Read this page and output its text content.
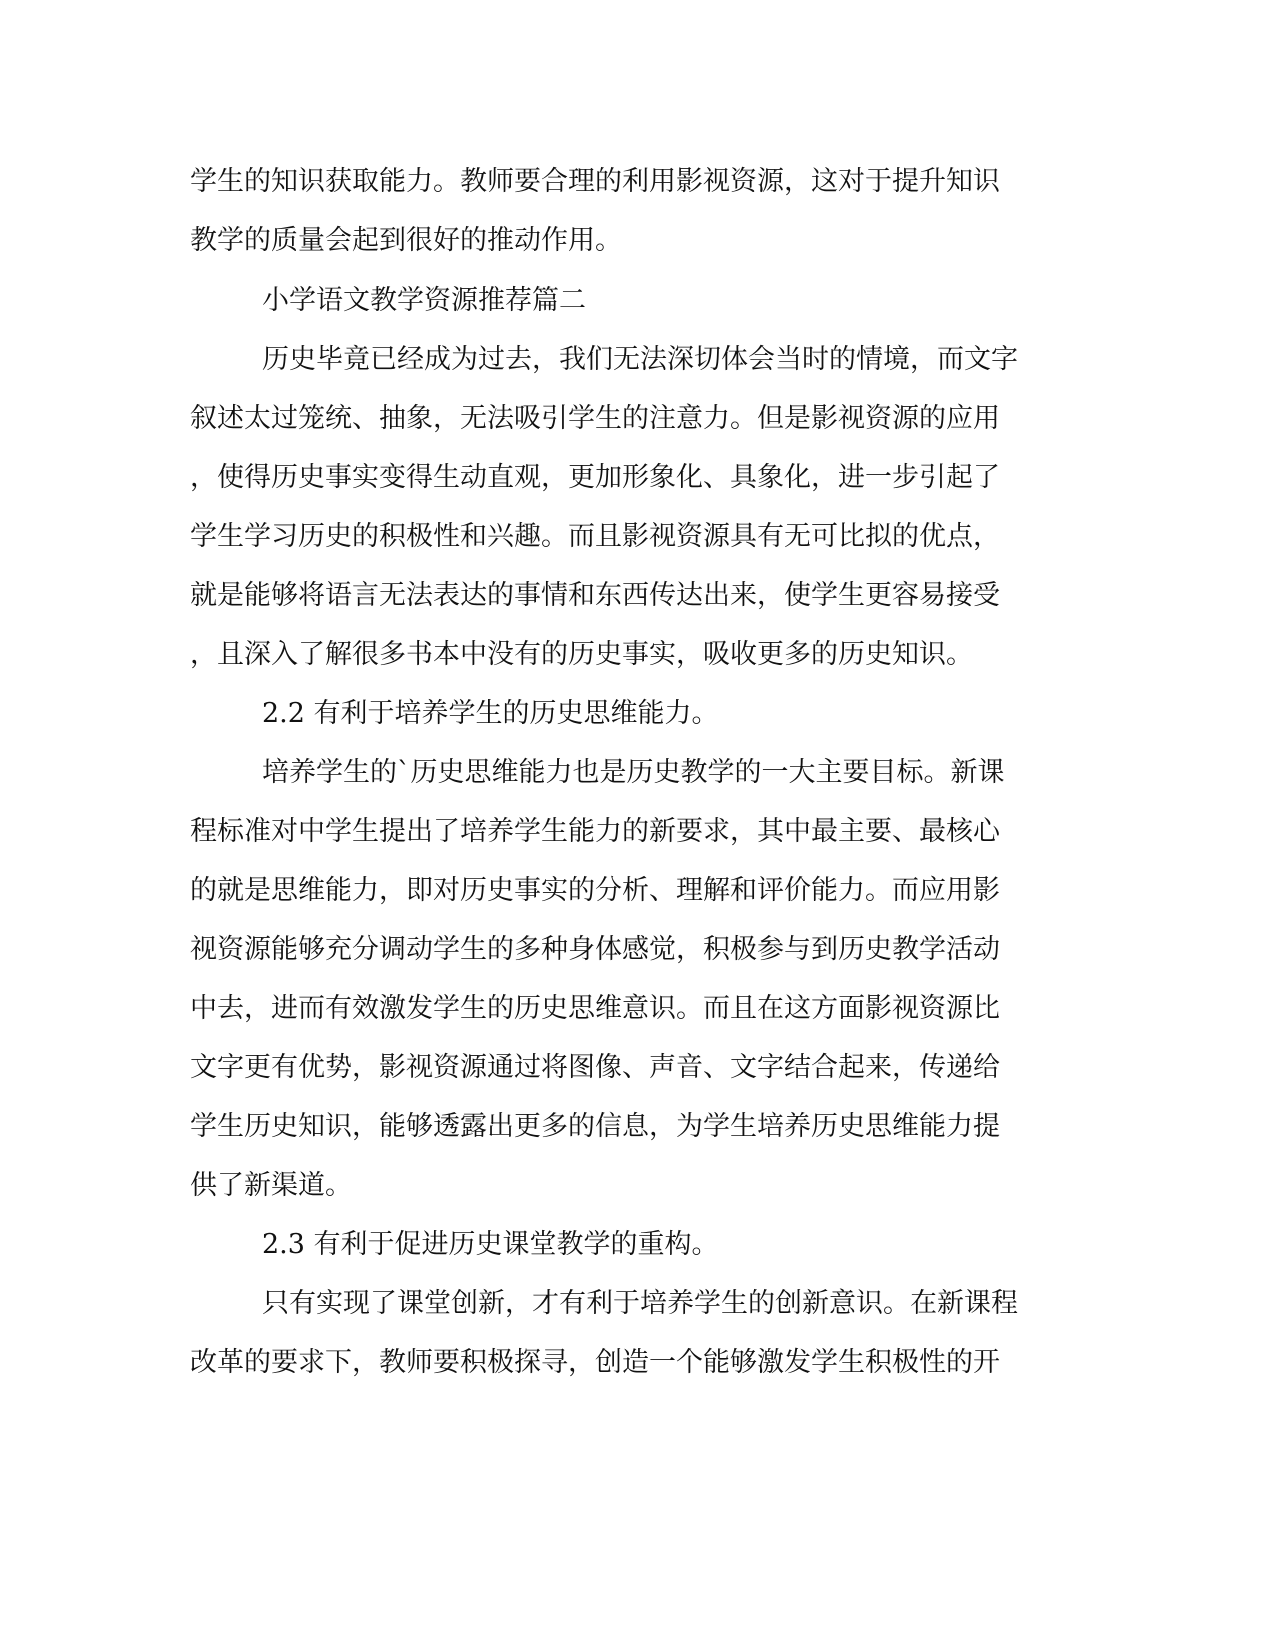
学生的知识获取能力。教师要合理的利用影视资源，这对于提升知识

教学的质量会起到很好的推动作用。

小学语文教学资源推荐篇二

历史毕竟已经成为过去，我们无法深切体会当时的情境，而文字

叙述太过笼统、抽象，无法吸引学生的注意力。但是影视资源的应用

，使得历史事实变得生动直观，更加形象化、具象化，进一步引起了

学生学习历史的积极性和兴趣。而且影视资源具有无可比拟的优点，

就是能够将语言无法表达的事情和东西传达出来，使学生更容易接受

，且深入了解很多书本中没有的历史事实，吸收更多的历史知识。

2.2 有利于培养学生的历史思维能力。

培养学生的`历史思维能力也是历史教学的一大主要目标。新课

程标准对中学生提出了培养学生能力的新要求，其中最主要、最核心

的就是思维能力，即对历史事实的分析、理解和评价能力。而应用影

视资源能够充分调动学生的多种身体感觉，积极参与到历史教学活动

中去，进而有效激发学生的历史思维意识。而且在这方面影视资源比

文字更有优势，影视资源通过将图像、声音、文字结合起来，传递给

学生历史知识，能够透露出更多的信息，为学生培养历史思维能力提

供了新渠道。

2.3 有利于促进历史课堂教学的重构。

只有实现了课堂创新，才有利于培养学生的创新意识。在新课程

改革的要求下，教师要积极探寻，创造一个能够激发学生积极性的开
